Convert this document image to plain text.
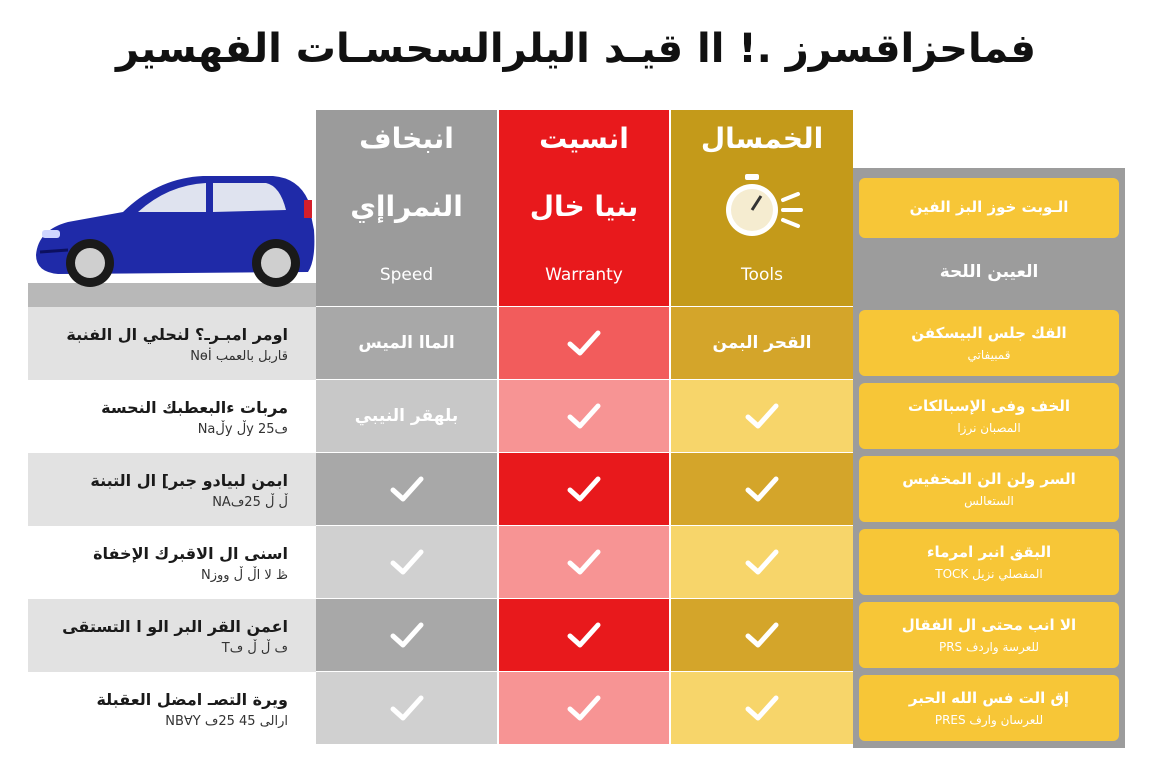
فماحزاقسرز .! اا قيـد اليلرالسحسـات الفهسير
انبخاف
النمراإي
Speed
الماا الميس
بلهقر النيبي
انسيت
بنيا خال
Warranty
الخمسال
Tools
القحر البمن
اومر امبـرـ؟ لنحلي ال الفنبة
Nѳİ قاربل بالعمب
مربات ءالبعطبك النحسة
Naڵy ڵy 25ڡ
ابمن لبيادو جبر] ال التبنة
NAڵ ڵ 25ڡ
اسنى ال الاقبرك الإخفاة
Nڟ لا اڵ ڵ ووز
اعمن القر البر الو ا التستقى
Tڡ ڵ ڵ ڡ
ويرة التصـ امضل العقبلة
NB∀Y ارالى 45 25ڡ
الـوبت خوز البز الفين
العيبن اللحة
القك جلس البيسكفن
قمبيفاتي
الخف وفى الإسبالكات
المصبان نرزا
السر ولن الن المخفيس
الستعالس
البقق انبر امرماء
TOCK المفصلي نزيل
الا انب محتى ال الفقال
PRS للعرسة واردف
إق الت فس الله الحبر
PRES للعرسان وارف
